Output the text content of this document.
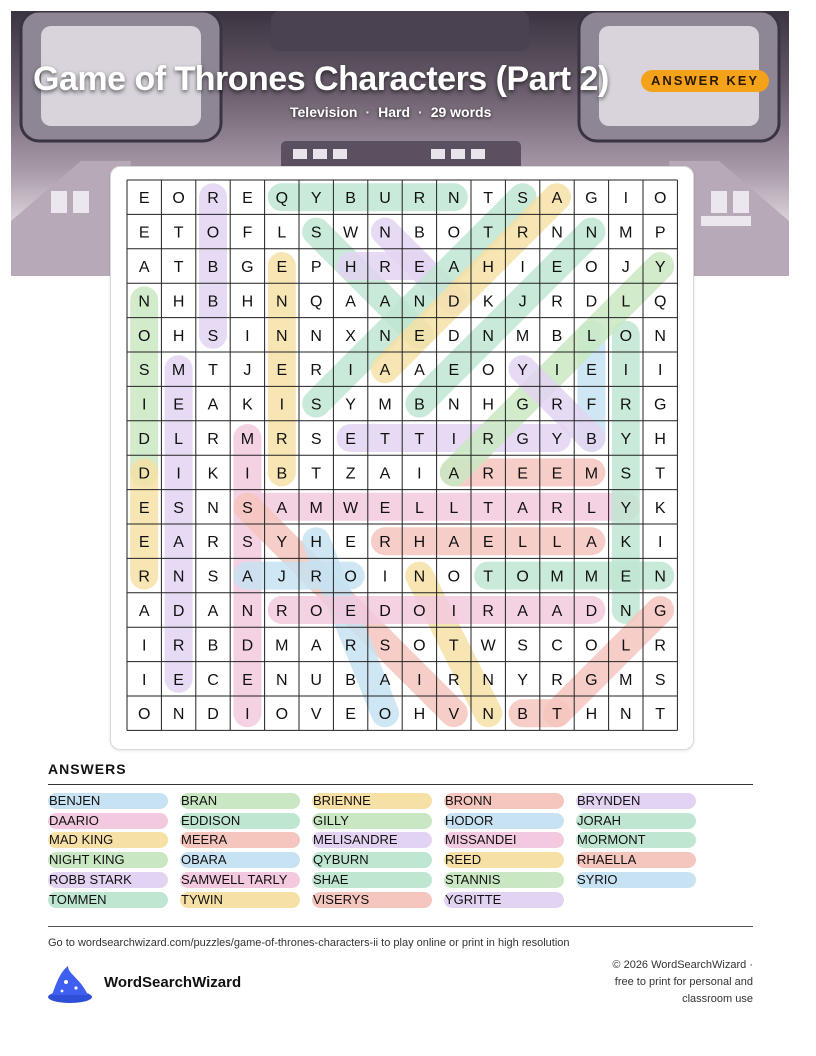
Game of Thrones Characters (Part 2)	ANSWER KEY
Television · Hard · 29 words
E O R E Q Y B U R N T S A G I O
E T O F L S W N B O T R N N M P
A T B G E P H R E A H I E O J Y
N H B H N Q A A N D K J R D L Q
O H S I N N X N E D N M B L O N
S M T J E R I A A E O Y I E I I
I E A K I S Y M B N H G R F R G
D L R M R S E T T I R G Y B Y H
D I K I B T Z A I A R E E M S T
E S N S A M W E L L T A R L Y K
E A R S Y H E R H A E L L A K I
R N S A J R O I N O T O M M E N
A D A N R O E D O I R A A D N G
I R B D M A R S O T W S C O L R
I E C E N U B A I R N Y R G M S
O N D I O V E O H V N B T H N T
ANSWERS
BENJEN	BRAN	BRIENNE	BRONN	BRYNDEN
DAARIO	EDDISON	GILLY	HODOR	JORAH
MAD KING	MEERA	MELISANDRE	MISSANDEI	MORMONT
NIGHT KING	OBARA	QYBURN	REED	RHAELLA
ROBB STARK	SAMWELL TARLY	SHAE	STANNIS	SYRIO
TOMMEN	TYWIN	VISERYS	YGRITTE
Go to wordsearchwizard.com/puzzles/game-of-thrones-characters-ii to play online or print in high resolution
WordSearchWizard
© 2026 WordSearchWizard ·
free to print for personal and
classroom use
